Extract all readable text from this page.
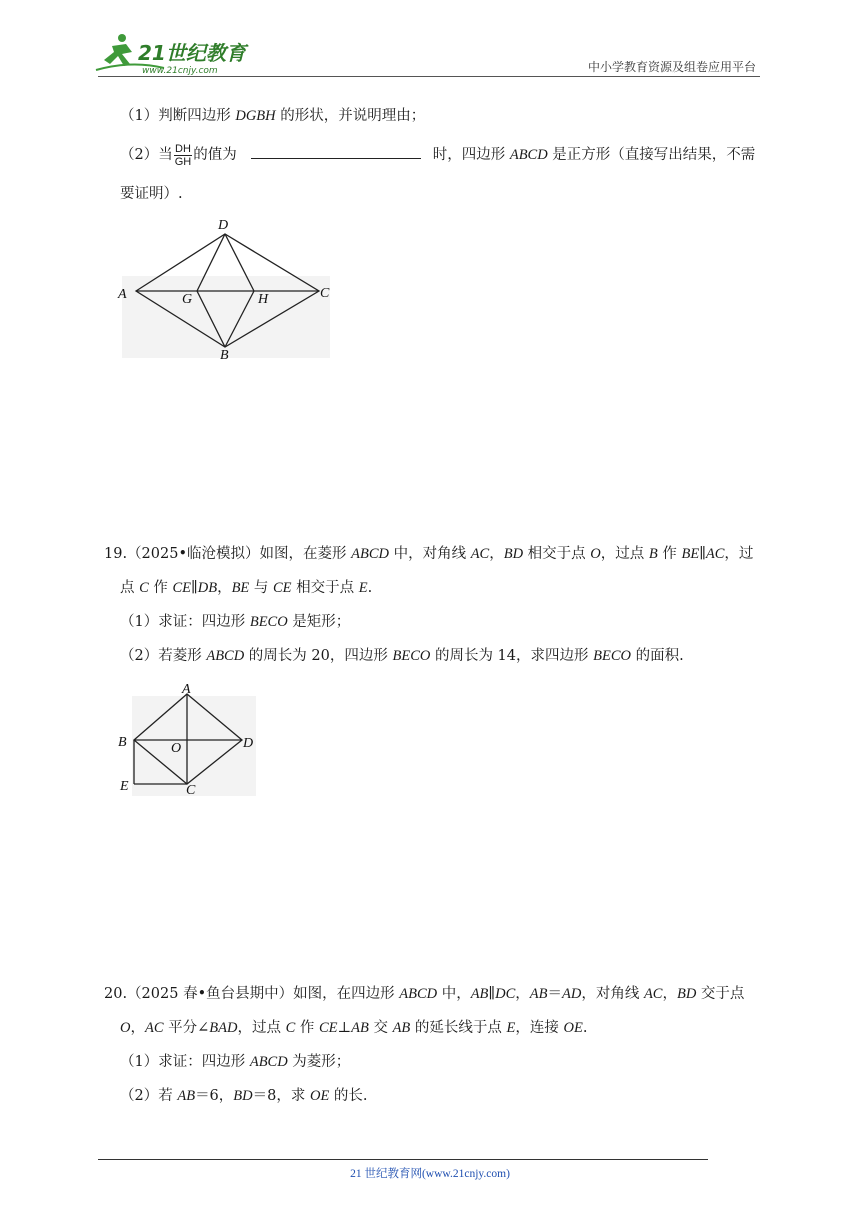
21世纪教育
www.21cnjy.com	中小学教育资源及组卷应用平台
（1）判断四边形 DGBH 的形状，并说明理由；
（2）当 $\frac{DH}{GH}$ 的值为	时，四边形 ABCD 是正方形（直接写出结果，不需
要证明）.
D
A	C
G	H
B
19.（2025•临沧模拟）如图，在菱形 ABCD 中，对角线 AC，BD 相交于点 O，过点 B 作 BE∥AC，过
点 C 作 CE∥DB，BE 与 CE 相交于点 E.
（1）求证：四边形 BECO 是矩形；
（2）若菱形 ABCD 的周长为 20，四边形 BECO 的周长为 14，求四边形 BECO 的面积.
A
B	D
O
E	C
20.（2025 春•鱼台县期中）如图，在四边形 ABCD 中，AB∥DC，AB＝AD，对角线 AC，BD 交于点
O，AC 平分∠BAD，过点 C 作 CE⊥AB 交 AB 的延长线于点 E，连接 OE.
（1）求证：四边形 ABCD 为菱形；
（2）若 AB＝6，BD＝8，求 OE 的长.
21 世纪教育网(www.21cnjy.com)
